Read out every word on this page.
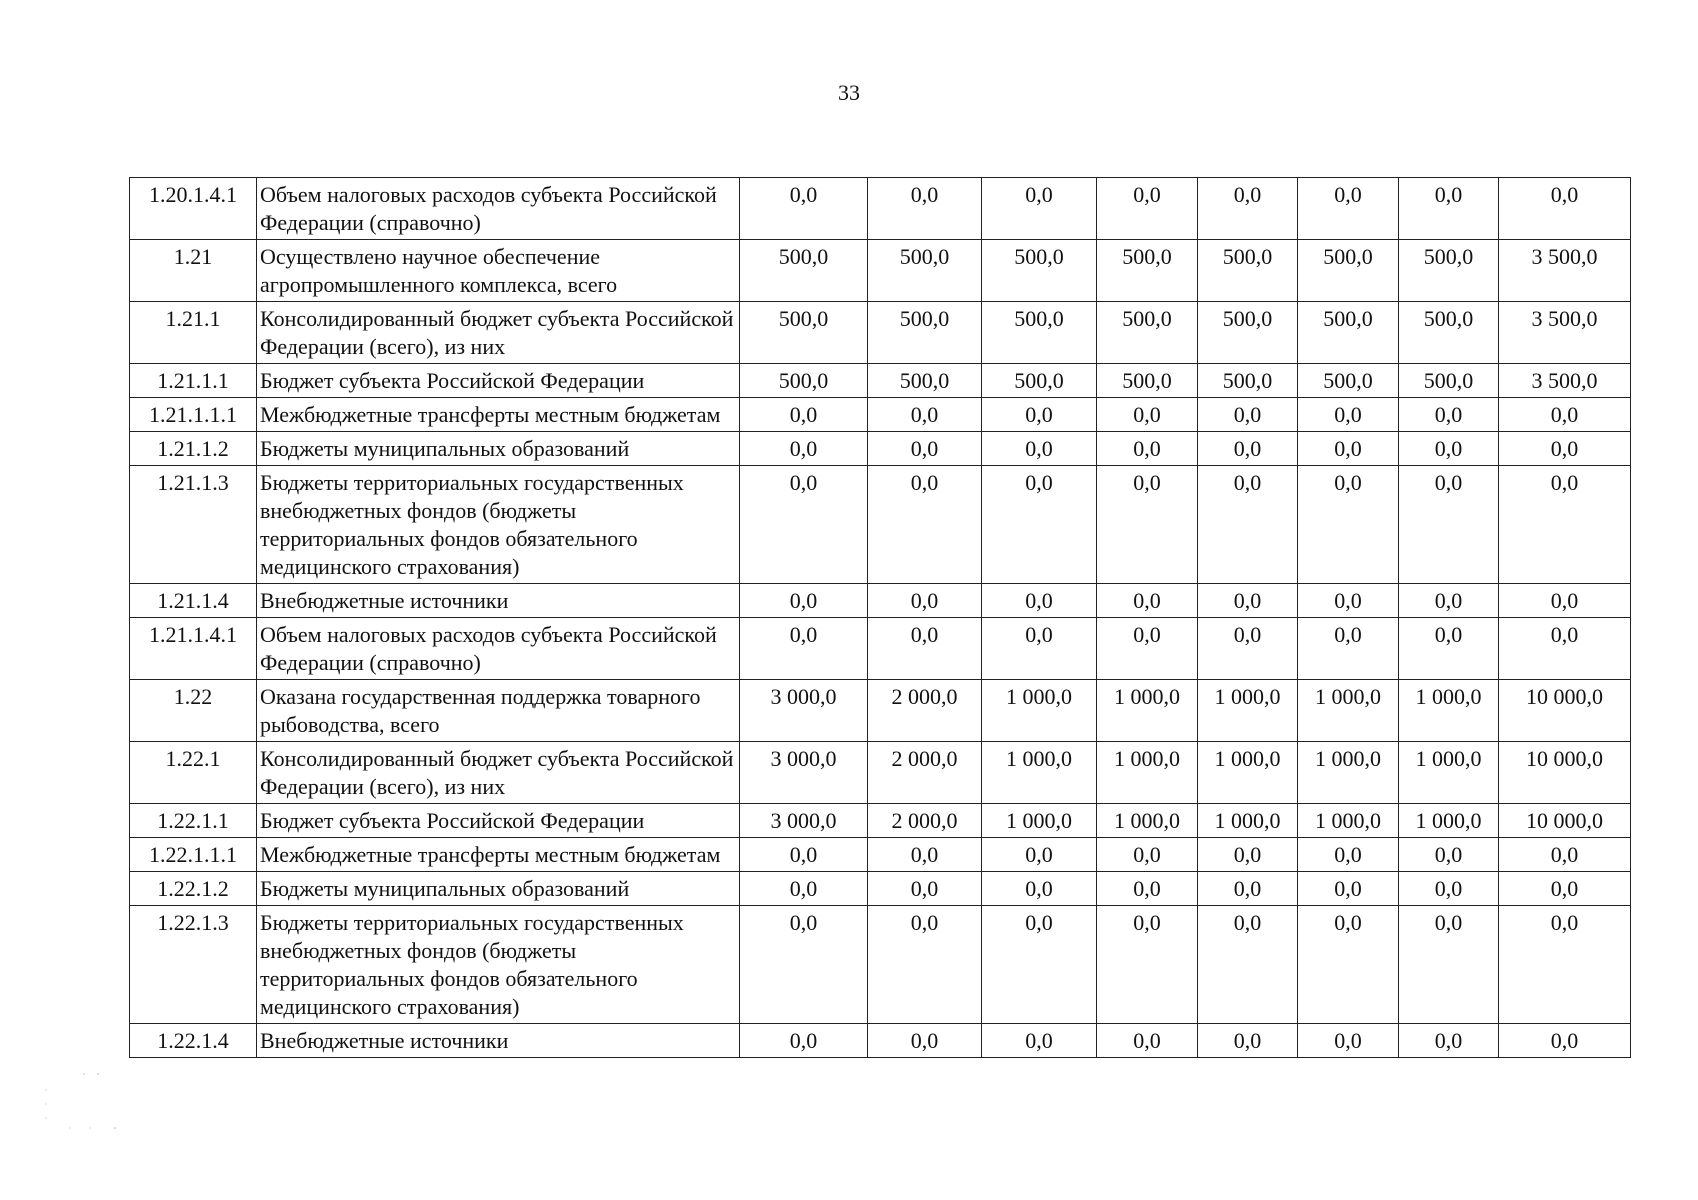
33
1.20.1.4.1	Объем налоговых расходов субъекта Российской Федерации (справочно)	0,0	0,0	0,0	0,0	0,0	0,0	0,0	0,0
1.21	Осуществлено научное обеспечение агропромышленного комплекса, всего	500,0	500,0	500,0	500,0	500,0	500,0	500,0	3 500,0
1.21.1	Консолидированный бюджет субъекта Российской Федерации (всего), из них	500,0	500,0	500,0	500,0	500,0	500,0	500,0	3 500,0
1.21.1.1	Бюджет субъекта Российской Федерации	500,0	500,0	500,0	500,0	500,0	500,0	500,0	3 500,0
1.21.1.1.1	Межбюджетные трансферты местным бюджетам	0,0	0,0	0,0	0,0	0,0	0,0	0,0	0,0
1.21.1.2	Бюджеты муниципальных образований	0,0	0,0	0,0	0,0	0,0	0,0	0,0	0,0
1.21.1.3	Бюджеты территориальных государственных внебюджетных фондов (бюджеты территориальных фондов обязательного медицинского страхования)	0,0	0,0	0,0	0,0	0,0	0,0	0,0	0,0
1.21.1.4	Внебюджетные источники	0,0	0,0	0,0	0,0	0,0	0,0	0,0	0,0
1.21.1.4.1	Объем налоговых расходов субъекта Российской Федерации (справочно)	0,0	0,0	0,0	0,0	0,0	0,0	0,0	0,0
1.22	Оказана государственная поддержка товарного рыбоводства, всего	3 000,0	2 000,0	1 000,0	1 000,0	1 000,0	1 000,0	1 000,0	10 000,0
1.22.1	Консолидированный бюджет субъекта Российской Федерации (всего), из них	3 000,0	2 000,0	1 000,0	1 000,0	1 000,0	1 000,0	1 000,0	10 000,0
1.22.1.1	Бюджет субъекта Российской Федерации	3 000,0	2 000,0	1 000,0	1 000,0	1 000,0	1 000,0	1 000,0	10 000,0
1.22.1.1.1	Межбюджетные трансферты местным бюджетам	0,0	0,0	0,0	0,0	0,0	0,0	0,0	0,0
1.22.1.2	Бюджеты муниципальных образований	0,0	0,0	0,0	0,0	0,0	0,0	0,0	0,0
1.22.1.3	Бюджеты территориальных государственных внебюджетных фондов (бюджеты территориальных фондов обязательного медицинского страхования)	0,0	0,0	0,0	0,0	0,0	0,0	0,0	0,0
1.22.1.4	Внебюджетные источники	0,0	0,0	0,0	0,0	0,0	0,0	0,0	0,0
